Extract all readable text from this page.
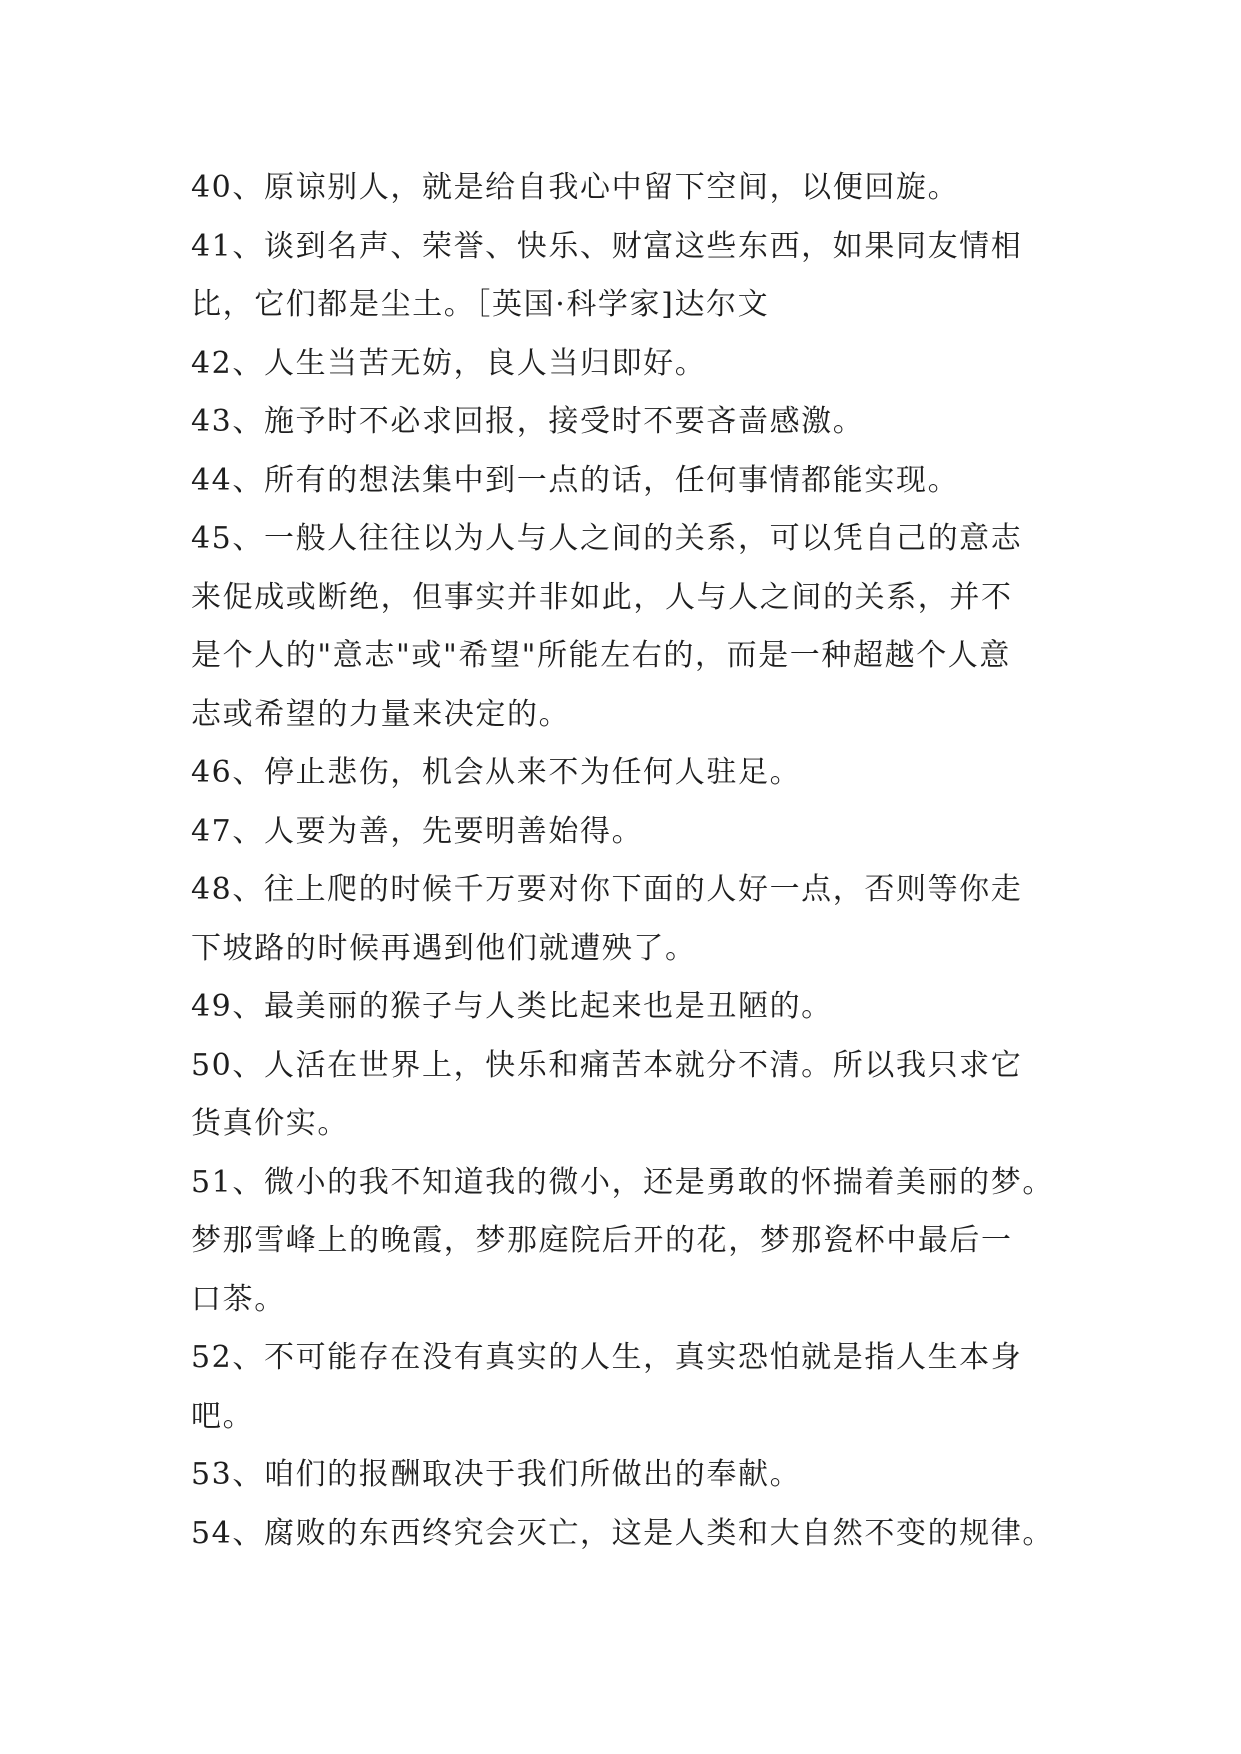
40、原谅别人，就是给自我心中留下空间，以便回旋。
41、谈到名声、荣誉、快乐、财富这些东西，如果同友情相
比，它们都是尘土。［英国·科学家]达尔文
42、人生当苦无妨，良人当归即好。
43、施予时不必求回报，接受时不要吝啬感激。
44、所有的想法集中到一点的话，任何事情都能实现。
45、一般人往往以为人与人之间的关系，可以凭自己的意志
来促成或断绝，但事实并非如此，人与人之间的关系，并不
是个人的"意志"或"希望"所能左右的，而是一种超越个人意
志或希望的力量来决定的。
46、停止悲伤，机会从来不为任何人驻足。
47、人要为善，先要明善始得。
48、往上爬的时候千万要对你下面的人好一点，否则等你走
下坡路的时候再遇到他们就遭殃了。
49、最美丽的猴子与人类比起来也是丑陋的。
50、人活在世界上，快乐和痛苦本就分不清。所以我只求它
货真价实。
51、微小的我不知道我的微小，还是勇敢的怀揣着美丽的梦。
梦那雪峰上的晚霞，梦那庭院后开的花，梦那瓷杯中最后一
口茶。
52、不可能存在没有真实的人生，真实恐怕就是指人生本身
吧。
53、咱们的报酬取决于我们所做出的奉献。
54、腐败的东西终究会灭亡，这是人类和大自然不变的规律。
